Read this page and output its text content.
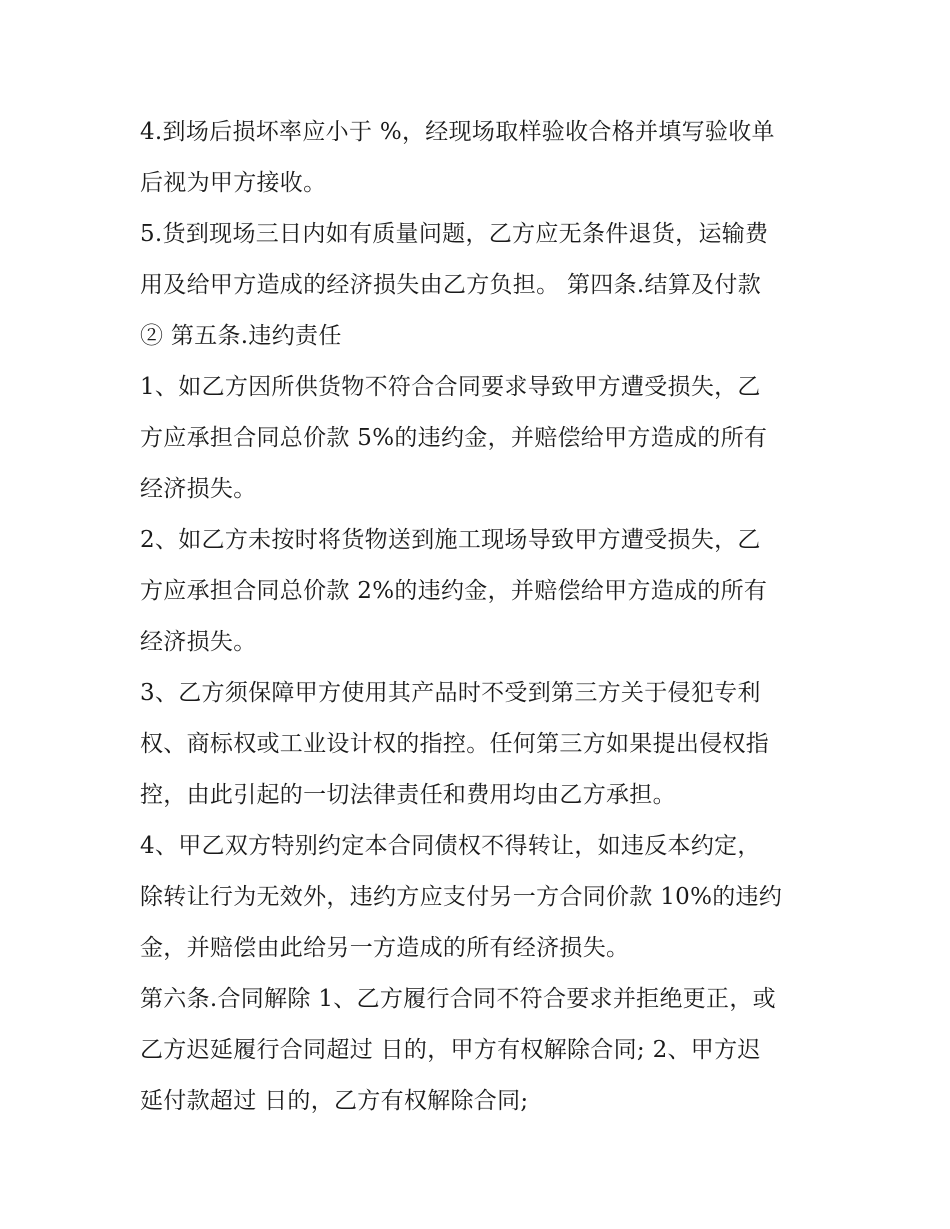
4.到场后损坏率应小于 %，经现场取样验收合格并填写验收单
后视为甲方接收。
5.货到现场三日内如有质量问题，乙方应无条件退货，运输费
用及给甲方造成的经济损失由乙方负担。 第四条.结算及付款
② 第五条.违约责任
1、如乙方因所供货物不符合合同要求导致甲方遭受损失，乙
方应承担合同总价款 5%的违约金，并赔偿给甲方造成的所有
经济损失。
2、如乙方未按时将货物送到施工现场导致甲方遭受损失，乙
方应承担合同总价款 2%的违约金，并赔偿给甲方造成的所有
经济损失。
3、乙方须保障甲方使用其产品时不受到第三方关于侵犯专利
权、商标权或工业设计权的指控。任何第三方如果提出侵权指
控，由此引起的一切法律责任和费用均由乙方承担。
4、甲乙双方特别约定本合同债权不得转让，如违反本约定，
除转让行为无效外，违约方应支付另一方合同价款 10%的违约
金，并赔偿由此给另一方造成的所有经济损失。
第六条.合同解除 1、乙方履行合同不符合要求并拒绝更正，或
乙方迟延履行合同超过 日的，甲方有权解除合同; 2、甲方迟
延付款超过 日的，乙方有权解除合同;
